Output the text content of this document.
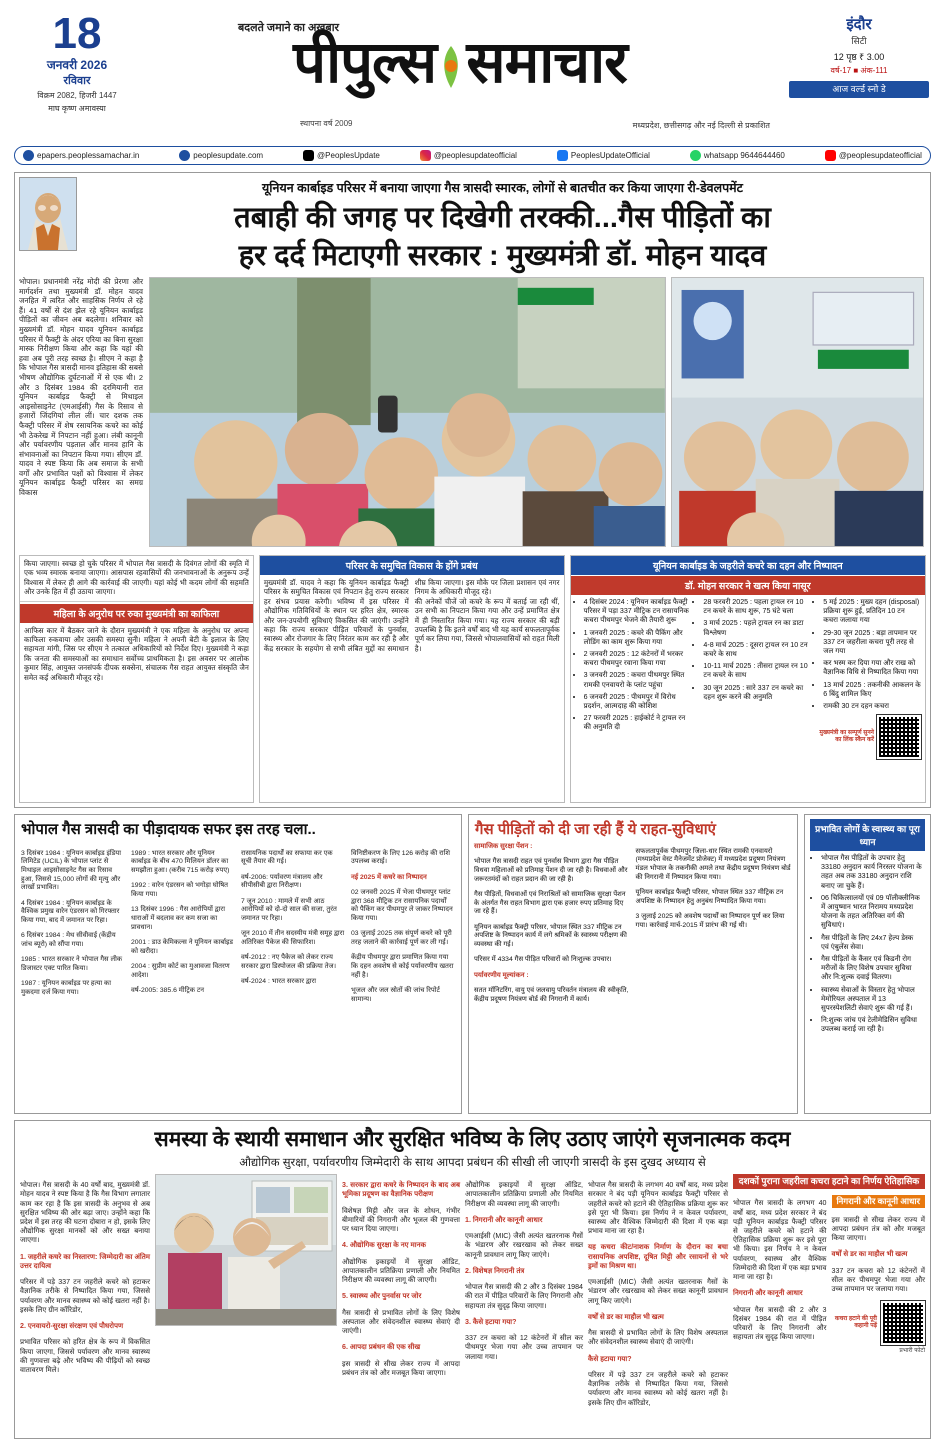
18
जनवरी 2026
रविवार
विक्रम 2082, हिजरी 1447
माघ कृष्ण अमावस्या
बदलते जमाने का अखबार
पीपुल्स समाचार
स्थापना वर्ष 2009	मध्यप्रदेश, छत्तीसगढ़ और नई दिल्ली से प्रकाशित
इंदौर
सिटी
12 पृष्ठ ₹ 3.00
वर्ष-17 ■ अंक-111
आज वर्ल्ड स्नो डे
epapers.peoplessamachar.in	peoplesupdate.com	@PeoplesUpdate	@peoplesupdateofficial	PeoplesUpdateOfficial	whatsapp 9644644460	@peoplesupdateofficial
यूनियन कार्बाइड परिसर में बनाया जाएगा गैस त्रासदी स्मारक, लोगों से बातचीत कर किया जाएगा री-डेवलपमेंट
तबाही की जगह पर दिखेगी तरक्की...गैस पीड़ितों का
हर दर्द मिटाएगी सरकार : मुख्यमंत्री डॉ. मोहन यादव
भोपाल। प्रधानमंत्री नरेंद्र मोदी की प्रेरणा और मार्गदर्शन तथा मुख्यमंत्री डॉ. मोहन यादव जनहित में त्वरित और साहसिक निर्णय ले रहे हैं। 41 वर्षों से दंश झेल रहे यूनियन कार्बाइड पीड़ितों का जीवन अब बदलेगा। शनिवार को मुख्यमंत्री डॉ. मोहन यादव यूनियन कार्बाइड परिसर में फैक्ट्री के अंदर एरिया का बिना सुरक्षा मास्क निरीक्षण किया और कहा कि यहां की हवा अब पूरी तरह स्वच्छ है। सीएम ने कहा है कि भोपाल गैस त्रासदी मानव इतिहास की सबसे भीषण औद्योगिक दुर्घटनाओं में से एक थी। 2 और 3 दिसंबर 1984 की दरमियानी रात यूनियन कार्बाइड फैक्ट्री से मिथाइल आइसोसाइनेट (एमआईसी) गैस के रिसाव से हजारों जिंदगियां लील लीं। चार दशक तक फैक्ट्री परिसर में शेष रसायनिक कचरे का कोई भी ठेकरेख में निपटान नहीं हुआ। लंबी कानूनी और पर्यावरणीय पड़ताल और मानव हानि के संभावनाओं का निपटान किया गया। सीएम डॉ. यादव ने स्पष्ट किया कि अब समाज के सभी वर्गों और प्रभावित पक्षों को विश्वास में लेकर यूनियन कार्बाइड फैक्ट्री परिसर का समग्र विकास
किया जाएगा। स्वच्छ हो चुके परिसर में भोपाल गैस त्रासदी के दिवंगत लोगों की स्मृति में एक भव्य स्मारक बनाया जाएगा। आसपास रहवासियों की जनभावनाओं के अनुरूप उन्हें विश्वास में लेकर ही आगे की कार्रवाई की जाएगी। यहां कोई भी कदम लोगों की सहमति और उनके हित में ही उठाया जाएगा।
महिला के अनुरोध पर रुका मुख्यमंत्री का काफिला
आफिस कार में बैठकर जाने के दौरान मुख्यमंत्री ने एक महिला के अनुरोध पर अपना काफिला रुकवाया और उसकी समस्या सुनी। महिला ने अपनी बेटी के इलाज के लिए सहायता मांगी, जिस पर सीएम ने तत्काल अधिकारियों को निर्देश दिए। मुख्यमंत्री ने कहा कि जनता की समस्याओं का समाधान सर्वोच्च प्राथमिकता है। इस अवसर पर आलोक कुमार सिंह, आयुक्त जनसंपर्क दीपक सक्सेना, संचालक गैस राहत आयुक्त संस्कृति जैन समेत कई अधिकारी मौजूद रहे।
परिसर के समुचित विकास के होंगे प्रबंध
मुख्यमंत्री डॉ. यादव ने कहा कि यूनियन कार्बाइड फैक्ट्री परिसर के समुचित विकास एवं निपटान हेतु राज्य सरकार हर संभव प्रयास करेगी। भविष्य में इस परिसर में औद्योगिक गतिविधियों के स्थान पर हरित क्षेत्र, स्मारक और जन-उपयोगी सुविधाएं विकसित की जाएंगी। उन्होंने कहा कि राज्य सरकार पीड़ित परिवारों के पुनर्वास, स्वास्थ्य और रोजगार के लिए निरंतर काम कर रही है और केंद्र सरकार के सहयोग से सभी लंबित मुद्दों का समाधान शीघ्र किया जाएगा। इस मौके पर जिला प्रशासन एवं नगर निगम के अधिकारी मौजूद रहे।
की अनेकों चीजें जो कचरे के रूप में बताई जा रही थीं, उन सभी का निपटान किया गया और उन्हें प्रमाणित क्षेत्र में ही निस्तारित किया गया। यह राज्य सरकार की बड़ी उपलब्धि है कि इतने वर्षों बाद भी यह कार्य सफलतापूर्वक पूर्ण कर लिया गया, जिससे भोपालवासियों को राहत मिली है।
यूनियन कार्बाइड के जहरीले कचरे का दहन और निष्पादन
डॉ. मोहन सरकार ने खत्म किया नासूर
• 4 दिसंबर 2024 : यूनियन कार्बाइड फैक्ट्री परिसर में पड़ा 337 मीट्रिक टन रासायनिक कचरा पीथमपुर भेजने की तैयारी शुरू
• 1 जनवरी 2025 : कचरे की पैकिंग और लोडिंग का काम शुरू किया गया
• 2 जनवरी 2025 : 12 कंटेनरों में भरकर कचरा पीथमपुर रवाना किया गया
• 3 जनवरी 2025 : कचरा पीथमपुर स्थित रामकी एनवायरो के प्लांट पहुंचा
• 6 जनवरी 2025 : पीथमपुर में विरोध प्रदर्शन, आत्मदाह की कोशिश
• 27 फरवरी 2025 : हाईकोर्ट ने ट्रायल रन की अनुमति दी
• 28 फरवरी 2025 : पहला ट्रायल रन 10 टन कचरे के साथ शुरू, 75 घंटे चला
• 3 मार्च 2025 : पहले ट्रायल रन का डाटा विश्लेषण
• 4-8 मार्च 2025 : दूसरा ट्रायल रन 10 टन कचरे के साथ
• 10-11 मार्च 2025 : तीसरा ट्रायल रन 10 टन कचरे के साथ
• 30 जून 2025 : सारे 337 टन कचरे का दहन शुरू करने की अनुमति
• 5 मई 2025 : मुख्य दहन (disposal) प्रक्रिया शुरू हुई, प्रतिदिन 10 टन कचरा जलाया गया
• 29-30 जून 2025 : बड़ा तापमान पर 337 टन जहरीला कचरा पूरी तरह से जल गया
• कर भस्म कर दिया गया और राख को वैज्ञानिक विधि से निष्पादित किया गया
• 13 मार्च 2025 : तकनीकी आकलन के 6 बिंदु शामिल किए
• रामकी 30 टन दहन कचरा
मुख्यमंत्री का सम्पूर्ण सुनने का लिंक स्कैन करें
भोपाल गैस त्रासदी का पीड़ादायक सफर इस तरह चला..

3 दिसंबर 1984 : यूनियन कार्बाइड इंडिया लिमिटेड (UCIL) के भोपाल प्लांट से मिथाइल आइसोसाइनेट गैस का रिसाव हुआ, जिससे 15,000 लोगों की मृत्यु और लाखों प्रभावित।

4 दिसंबर 1984 : यूनियन कार्बाइड के वैश्विक प्रमुख वारेन एंडरसन को गिरफ्तार किया गया, बाद में जमानत पर रिहा।

6 दिसंबर 1984 : मेथ सीवीवाई (केंद्रीय जांच ब्यूरो) को सौंपा गया।

1985 : भारत सरकार ने भोपाल गैस लीक डिजास्टर एक्ट पारित किया।

1987 : यूनियन कार्बाइड पर हत्या का मुकदमा दर्ज किया गया।

1989 : भारत सरकार और यूनियन कार्बाइड के बीच 470 मिलियन डॉलर का समझौता हुआ। (करीब 715 करोड़ रुपए)

1992 : वारेन एंडरसन को भगोड़ा घोषित किया गया।

13 दिसंबर 1996 : गैस आरोपियों द्वारा धाराओं में बदलाव कर कम सजा का प्रावधान।

2001 : डाउ केमिकल्स ने यूनियन कार्बाइड को खरीदा।

2004 : सुप्रीम कोर्ट का मुआवजा वितरण आदेश।

वर्ष-2005: 385.6 मीट्रिक टन

रासायनिक पदार्थों का सफाया कर एक सूची तैयार की गई।

वर्ष-2006: पर्यावरण मंत्रालय और सीपीसीबी द्वारा निरीक्षण।

7 जून 2010 : मामले में सभी आठ आरोपियों को दो-दो साल की सजा, तुरंत जमानत पर रिहा।

जून 2010 में तीन सदस्यीय मंत्री समूह द्वारा अतिरिक्त पैकेज की सिफारिश।

वर्ष-2012 : नए पैकेज को लेकर राज्य सरकार द्वारा डिस्पोजल की प्रक्रिया तेज।

वर्ष-2024 : भारत सरकार द्वारा

विनिष्टीकरण के लिए 126 करोड़ की राशि उपलब्ध कराई।

नई 2025 में कचरे का निष्पादन

02 जनवरी 2025 में भेजा पीथमपुर प्लांट द्वारा 368 मीट्रिक टन रासायनिक पदार्थों को पैकिंग कर पीथमपुर ले जाकर निष्पादन किया गया।

03 जुलाई 2025 तक संपूर्ण कचरे को पूरी तरह जलाने की कार्रवाई पूर्ण कर ली गई।

केंद्रीय पीथमपुर द्वारा प्रमाणित किया गया कि दहन अवशेष से कोई पर्यावरणीय खतरा नहीं है।

भूजल और जल स्रोतों की जांच रिपोर्ट सामान्य।

गैस पीड़ितों को दी जा रही हैं ये राहत-सुविधाएं

सामाजिक सुरक्षा पेंशन :

भोपाल गैस त्रासदी राहत एवं पुनर्वास विभाग द्वारा गैस पीड़ित विधवा महिलाओं को प्रतिमाह पेंशन दी जा रही है। विधवाओं और जरूरतमंदों को राहत प्रदान की जा रही है।

गैस पीड़ितों, विधवाओं एवं निराश्रितों को सामाजिक सुरक्षा पेंशन के अंतर्गत गैस राहत विभाग द्वारा एक हजार रुपए प्रतिमाह दिए जा रहे हैं।

यूनियन कार्बाइड फैक्ट्री परिसर, भोपाल स्थित 337 मीट्रिक टन अपशिष्ट के निष्पादन कार्य में लगे श्रमिकों के स्वास्थ्य परीक्षण की व्यवस्था की गई।

परिसर में 4334 गैस पीड़ित परिवारों को निःशुल्क उपचार।

पर्यावरणीय मूल्यांकन :

सतत मॉनिटरिंग, वायु एवं जलवायु परिवर्तन मंत्रालय की स्वीकृति, केंद्रीय प्रदूषण नियंत्रण बोर्ड की निगरानी में कार्य।

सफलतापूर्वक पीथमपुर जिला-धार स्थित रामकी एनवायरो (मध्यप्रदेश वेस्ट मैनेजमेंट प्रोजेक्ट) में मध्यप्रदेश प्रदूषण नियंत्रण मंडल भोपाल के तकनीकी अमले तथा केंद्रीय प्रदूषण नियंत्रण बोर्ड की निगरानी में निष्पादन किया गया।

यूनियन कार्बाइड फैक्ट्री परिसर, भोपाल स्थित 337 मीट्रिक टन अपशिष्ट के निष्पादन हेतु अनुबंध निष्पादित किया गया।

3 जुलाई 2025 को अवशेष पदार्थों का निष्पादन पूर्ण कर लिया गया। कार्रवाई मार्च-2015 में प्रारंभ की गई थी।

प्रभावित लोगों के स्वास्थ्य का पूरा ध्यान
• भोपाल गैस पीड़ितों के उपचार हेतु 33180 अनुदान कार्य निरस्तर योजना के तहत अब तक 33180 अनुदान राशि बनाए जा चुके हैं।
• 06 चिकित्सालयों एवं 09 पॉलीक्लीनिक में आयुष्मान भारत निरामय मध्यप्रदेश योजना के तहत अतिरिक्त वर्ग की सुविधाएं।
• गैस पीड़ितों के लिए 24x7 हेल्प डेस्क एवं एंबुलेंस सेवा।
• गैस पीड़ितों के कैंसर एवं किडनी रोग मरीजों के लिए विशेष उपचार सुविधा और नि:शुल्क दवाई वितरण।
• स्वास्थ्य सेवाओं के विस्तार हेतु भोपाल मेमोरियल अस्पताल में 13 सुपरस्पेशलिटी सेवाएं शुरू की गई हैं।
• नि:शुल्क जांच एवं टेलीमेडिसिन सुविधा उपलब्ध कराई जा रही है।
समस्या के स्थायी समाधान और सुरक्षित भविष्य के लिए उठाए जाएंगे सृजनात्मक कदम
औद्योगिक सुरक्षा, पर्यावरणीय जिम्मेदारी के साथ आपदा प्रबंधन की सीखी ली जाएगी त्रासदी के इस दुखद अध्याय से

भोपाल। गैस त्रासदी के 40 वर्षों बाद, मुख्यमंत्री डॉ. मोहन यादव ने स्पष्ट किया है कि गैस विभाग लगातार काम कर रहा है कि इस त्रासदी के अनुभव से अब सुरक्षित भविष्य की ओर बढ़ा जाए। उन्होंने कहा कि प्रदेश में इस तरह की घटना दोबारा न हो, इसके लिए औद्योगिक सुरक्षा मानकों को और सख्त बनाया जाएगा।

1. जहरीले कचरे का निस्तारण: जिम्मेदारी का अंतिम उत्तर दायित्व

परिसर में पड़े 337 टन जहरीले कचरे को हटाकर वैज्ञानिक तरीके से निष्पादित किया गया, जिससे पर्यावरण और मानव स्वास्थ्य को कोई खतरा नहीं है। इसके लिए ग्रीन कॉरिडोर,

2. एनवायरो-सुरक्षा संरक्षण एवं पौधरोपण

प्रभावित परिसर को हरित क्षेत्र के रूप में विकसित किया जाएगा, जिससे पर्यावरण और मानव स्वास्थ्य की गुणवत्ता बढ़े और भविष्य की पीढ़ियों को स्वच्छ वातावरण मिले।

3. सरकार द्वारा कचरे के निष्पादन के बाद अब भूमिका प्रदूषण का वैज्ञानिक परीक्षण

विशेषज्ञ मिट्टी और जल के शोधन, गंभीर बीमारियों की निगरानी और भूजल की गुणवत्ता पर ध्यान दिया जाएगा।

4. औद्योगिक सुरक्षा के नए मानक

औद्योगिक इकाइयों में सुरक्षा ऑडिट, आपातकालीन प्रतिक्रिया प्रणाली और नियमित निरीक्षण की व्यवस्था लागू की जाएगी।

5. स्वास्थ्य और पुनर्वास पर जोर

गैस त्रासदी से प्रभावित लोगों के लिए विशेष अस्पताल और संवेदनशील स्वास्थ्य सेवाएं दी जाएंगी।

6. आपदा प्रबंधन की एक सीख

इस त्रासदी से सीख लेकर राज्य में आपदा प्रबंधन तंत्र को और मजबूत किया जाएगा।

औद्योगिक इकाइयों में सुरक्षा ऑडिट, आपातकालीन प्रतिक्रिया प्रणाली और नियमित निरीक्षण की व्यवस्था लागू की जाएगी।

1. निगरानी और कानूनी आधार

एमआईसी (MIC) जैसी अत्यंत खतरनाक गैसों के भंडारण और रखरखाव को लेकर सख्त कानूनी प्रावधान लागू किए जाएंगे।

2. विशेषज्ञ निगरानी तंत्र

भोपाल गैस त्रासदी की 2 और 3 दिसंबर 1984 की रात में पीड़ित परिवारों के लिए निगरानी और सहायता तंत्र सुदृढ़ किया जाएगा।

3. कैसे हटाया गया?

337 टन कचरा को 12 कंटेनरों में सील कर पीथमपुर भेजा गया और उच्च तापमान पर जलाया गया।

भोपाल गैस त्रासदी के लगभग 40 वर्षों बाद, मध्य प्रदेश सरकार ने बंद पड़ी यूनियन कार्बाइड फैक्ट्री परिसर से जहरीले कचरे को हटाने की ऐतिहासिक प्रक्रिया शुरू कर इसे पूरा भी किया। इस निर्णय ने न केवल पर्यावरण, स्वास्थ्य और वैश्विक जिम्मेदारी की दिशा में एक बड़ा प्रभाव माना जा रहा है।

यह कचरा कीट/नाशक निर्माण के दौरान का बचा रासायनिक अपशिष्ट, दूषित मिट्टी और रसायनों से भरे ड्रमों का मिश्रण था।

एमआईसी (MIC) जैसी अत्यंत खतरनाक गैसों के भंडारण और रखरखाव को लेकर सख्त कानूनी प्रावधान लागू किए जाएंगे।

वर्षों से डर का माहौल भी खत्म

गैस त्रासदी से प्रभावित लोगों के लिए विशेष अस्पताल और संवेदनशील स्वास्थ्य सेवाएं दी जाएंगी।

कैसे हटाया गया?

परिसर में पड़े 337 टन जहरीले कचरे को हटाकर वैज्ञानिक तरीके से निष्पादित किया गया, जिससे पर्यावरण और मानव स्वास्थ्य को कोई खतरा नहीं है। इसके लिए ग्रीन कॉरिडोर,

दशकों पुराना जहरीला कचरा हटाने का निर्णय ऐतिहासिक

भोपाल गैस त्रासदी के लगभग 40 वर्षों बाद, मध्य प्रदेश सरकार ने बंद पड़ी यूनियन कार्बाइड फैक्ट्री परिसर से जहरीले कचरे को हटाने की ऐतिहासिक प्रक्रिया शुरू कर इसे पूरा भी किया। इस निर्णय ने न केवल पर्यावरण, स्वास्थ्य और वैश्विक जिम्मेदारी की दिशा में एक बड़ा प्रभाव माना जा रहा है।

निगरानी और कानूनी आधार

भोपाल गैस त्रासदी की 2 और 3 दिसंबर 1984 की रात में पीड़ित परिवारों के लिए निगरानी और सहायता तंत्र सुदृढ़ किया जाएगा।

निगरानी और कानूनी आधार

इस त्रासदी से सीख लेकर राज्य में आपदा प्रबंधन तंत्र को और मजबूत किया जाएगा।

वर्षों से डर का माहौल भी खत्म

337 टन कचरा को 12 कंटेनरों में सील कर पीथमपुर भेजा गया और उच्च तापमान पर जलाया गया।

कचरा हटाने की पूरी कहानी पढ़ें
प्रभारी फोटो
